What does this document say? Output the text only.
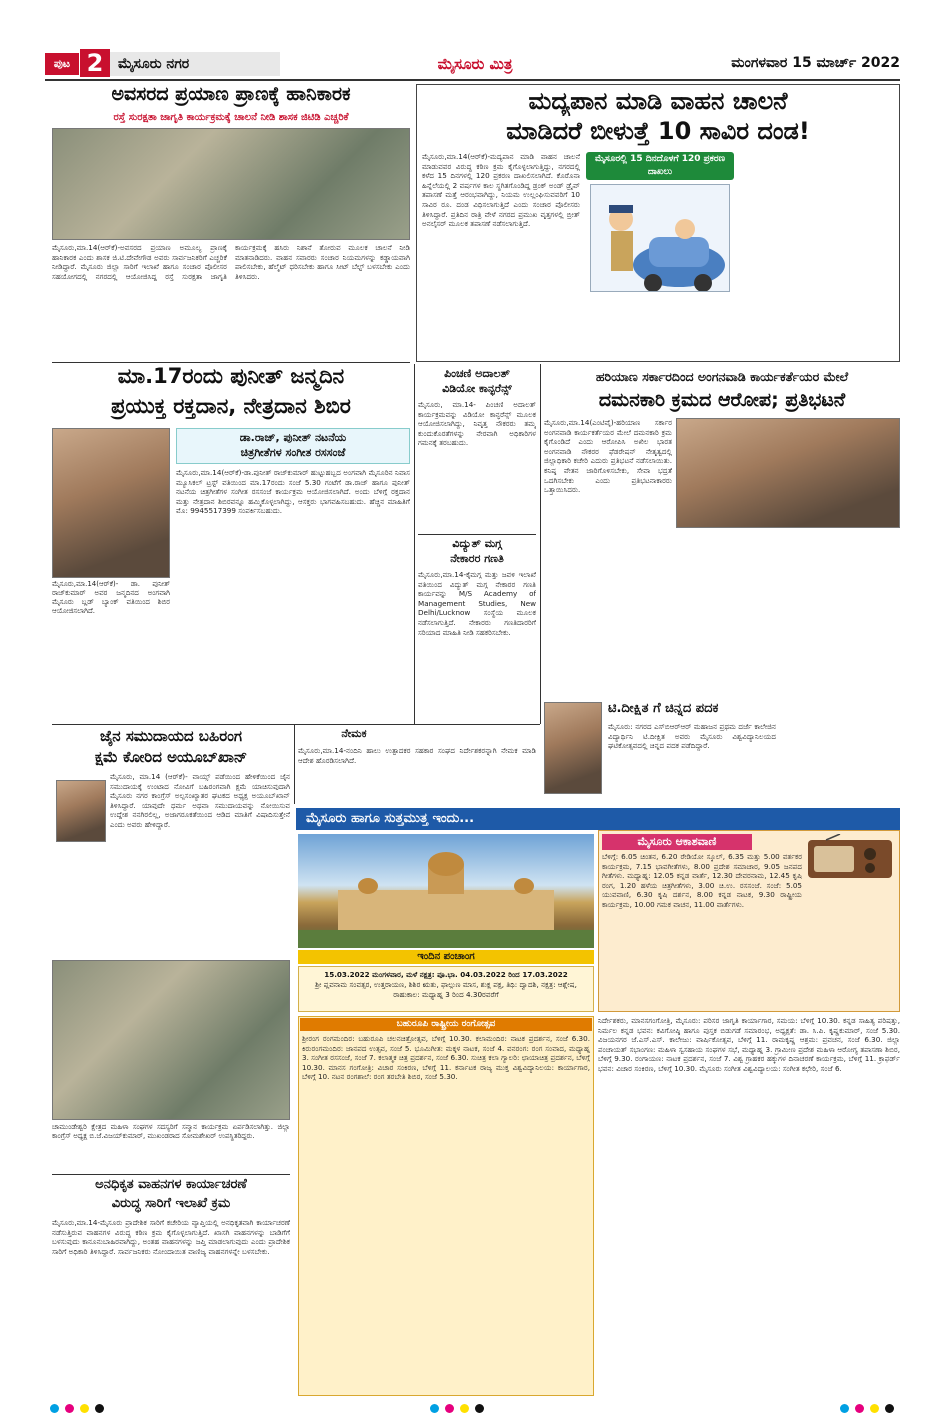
ಪುಟ 2	ಮೈಸೂರು ನಗರ	ಮೈಸೂರು ಮಿತ್ರ	ಮಂಗಳವಾರ 15 ಮಾರ್ಚ್ 2022
ಅವಸರದ ಪ್ರಯಾಣ ಪ್ರಾಣಕ್ಕೆ ಹಾನಿಕಾರಕ
ರಸ್ತೆ ಸುರಕ್ಷತಾ ಜಾಗೃತಿ ಕಾರ್ಯಕ್ರಮಕ್ಕೆ ಚಾಲನೆ ನೀಡಿ ಶಾಸಕ ಜಿಟಿಡಿ ಎಚ್ಚರಿಕೆ
ಮೈಸೂರು,ಮಾ.14(ಆರ್‌ಕೆ)-ಅವಸರದ ಪ್ರಯಾಣ ಅಮೂಲ್ಯ ಪ್ರಾಣಕ್ಕೆ ಹಾನಿಕಾರಕ ಎಂದು ಶಾಸಕ ಜಿ.ಟಿ.ದೇವೇಗೌಡ ಅವರು ಸಾರ್ವಜನಿಕರಿಗೆ ಎಚ್ಚರಿಕೆ ನೀಡಿದ್ದಾರೆ. ಮೈಸೂರು ಜಿಲ್ಲಾ ಸಾರಿಗೆ ಇಲಾಖೆ ಹಾಗೂ ಸಂಚಾರ ಪೊಲೀಸರ ಸಹಯೋಗದಲ್ಲಿ ನಗರದಲ್ಲಿ ಆಯೋಜಿಸಿದ್ದ ರಸ್ತೆ ಸುರಕ್ಷತಾ ಜಾಗೃತಿ ಕಾರ್ಯಕ್ರಮಕ್ಕೆ ಹಸಿರು ನಿಶಾನೆ ತೋರುವ ಮೂಲಕ ಚಾಲನೆ ನೀಡಿ ಮಾತನಾಡಿದರು. ವಾಹನ ಸವಾರರು ಸಂಚಾರ ನಿಯಮಗಳನ್ನು ಕಡ್ಡಾಯವಾಗಿ ಪಾಲಿಸಬೇಕು, ಹೆಲ್ಮೆಟ್ ಧರಿಸಬೇಕು ಹಾಗೂ ಸೀಟ್ ಬೆಲ್ಟ್ ಬಳಸಬೇಕು ಎಂದು ತಿಳಿಸಿದರು.
ಮದ್ಯಪಾನ ಮಾಡಿ ವಾಹನ ಚಾಲನೆ
ಮಾಡಿದರೆ ಬೀಳುತ್ತೆ 10 ಸಾವಿರ ದಂಡ!
ಮೈಸೂರು,ಮಾ.14(ಆರ್‌ಕೆ)-ಮದ್ಯಪಾನ ಮಾಡಿ ವಾಹನ ಚಾಲನೆ ಮಾಡುವವರ ವಿರುದ್ಧ ಕಠಿಣ ಕ್ರಮ ಕೈಗೊಳ್ಳಲಾಗುತ್ತಿದ್ದು, ನಗರದಲ್ಲಿ ಕಳೆದ 15 ದಿನಗಳಲ್ಲಿ 120 ಪ್ರಕರಣ ದಾಖಲಿಸಲಾಗಿದೆ. ಕೊರೊನಾ ಹಿನ್ನೆಲೆಯಲ್ಲಿ 2 ವರ್ಷಗಳ ಕಾಲ ಸ್ಥಗಿತಗೊಂಡಿದ್ದ ಡ್ರಂಕ್ ಅಂಡ್ ಡ್ರೈವ್ ತಪಾಸಣೆ ಮತ್ತೆ ಆರಂಭವಾಗಿದ್ದು, ನಿಯಮ ಉಲ್ಲಂಘಿಸುವವರಿಗೆ 10 ಸಾವಿರ ರೂ. ದಂಡ ವಿಧಿಸಲಾಗುತ್ತಿದೆ ಎಂದು ಸಂಚಾರ ಪೊಲೀಸರು ತಿಳಿಸಿದ್ದಾರೆ. ಪ್ರತಿದಿನ ರಾತ್ರಿ ವೇಳೆ ನಗರದ ಪ್ರಮುಖ ವೃತ್ತಗಳಲ್ಲಿ ಬ್ರೀತ್ ಅನಲೈಸರ್ ಮೂಲಕ ತಪಾಸಣೆ ನಡೆಸಲಾಗುತ್ತಿದೆ.
ಮೈಸೂರಲ್ಲಿ 15 ದಿನದೊಳಗೆ 120 ಪ್ರಕರಣ ದಾಖಲು
ಮಾ.17ರಂದು ಪುನೀತ್ ಜನ್ಮದಿನ
ಪ್ರಯುಕ್ತ ರಕ್ತದಾನ, ನೇತ್ರದಾನ ಶಿಬಿರ
ಮೈಸೂರು,ಮಾ.14(ಆರ್‌ಕೆ)- ಡಾ. ಪುನೀತ್ ರಾಜ್‌ಕುಮಾರ್ ಅವರ ಜನ್ಮದಿನದ ಅಂಗವಾಗಿ ಮೈಸೂರು ಬ್ಲಡ್ ಬ್ಯಾಂಕ್ ವತಿಯಿಂದ ಶಿಬಿರ ಆಯೋಜಿಸಲಾಗಿದೆ.
ಡಾ.ರಾಜ್, ಪುನೀತ್ ನಟನೆಯ
ಚಿತ್ರಗೀತೆಗಳ ಸಂಗೀತ ರಸಸಂಜೆ
ಮೈಸೂರು,ಮಾ.14(ಆರ್‌ಕೆ)-ಡಾ.ಪುನೀತ್ ರಾಜ್‌ಕುಮಾರ್ ಹುಟ್ಟುಹಬ್ಬದ ಅಂಗವಾಗಿ ಮೈಸೂರಿನ ನಿವಾಸ ಮ್ಯೂಸಿಕಲ್ ಟ್ರಸ್ಟ್ ವತಿಯಿಂದ ಮಾ.17ರಂದು ಸಂಜೆ 5.30 ಗಂಟೆಗೆ ಡಾ.ರಾಜ್ ಹಾಗೂ ಪುನೀತ್ ನಟನೆಯ ಚಿತ್ರಗೀತೆಗಳ ಸಂಗೀತ ರಸಸಂಜೆ ಕಾರ್ಯಕ್ರಮ ಆಯೋಜಿಸಲಾಗಿದೆ. ಅಂದು ಬೆಳಿಗ್ಗೆ ರಕ್ತದಾನ ಮತ್ತು ನೇತ್ರದಾನ ಶಿಬಿರವನ್ನೂ ಹಮ್ಮಿಕೊಳ್ಳಲಾಗಿದ್ದು, ಆಸಕ್ತರು ಭಾಗವಹಿಸಬಹುದು. ಹೆಚ್ಚಿನ ಮಾಹಿತಿಗೆ ಮೊ: 9945517399 ಸಂಪರ್ಕಿಸಬಹುದು.
ಪಿಂಚಣಿ ಅದಾಲತ್
ವಿಡಿಯೋ ಕಾನ್ಫರೆನ್ಸ್
ಮೈಸೂರು, ಮಾ.14- ಪಿಂಚಣಿ ಅದಾಲತ್ ಕಾರ್ಯಕ್ರಮವನ್ನು ವಿಡಿಯೋ ಕಾನ್ಫರೆನ್ಸ್ ಮೂಲಕ ಆಯೋಜಿಸಲಾಗಿದ್ದು, ನಿವೃತ್ತ ನೌಕರರು ತಮ್ಮ ಕುಂದುಕೊರತೆಗಳನ್ನು ನೇರವಾಗಿ ಅಧಿಕಾರಿಗಳ ಗಮನಕ್ಕೆ ತರಬಹುದು.
ವಿದ್ಯುತ್ ಮಗ್ಗ
ನೇಕಾರರ ಗಣತಿ
ಮೈಸೂರು,ಮಾ.14-ಕೈಮಗ್ಗ ಮತ್ತು ಜವಳಿ ಇಲಾಖೆ ವತಿಯಿಂದ ವಿದ್ಯುತ್ ಮಗ್ಗ ನೇಕಾರರ ಗಣತಿ ಕಾರ್ಯವನ್ನು M/S Academy of Management Studies, New Delhi/Lucknow ಸಂಸ್ಥೆಯ ಮೂಲಕ ನಡೆಸಲಾಗುತ್ತಿದೆ. ನೇಕಾರರು ಗಣತಿದಾರರಿಗೆ ಸರಿಯಾದ ಮಾಹಿತಿ ನೀಡಿ ಸಹಕರಿಸಬೇಕು.
ಹರಿಯಾಣ ಸರ್ಕಾರದಿಂದ ಅಂಗನವಾಡಿ ಕಾರ್ಯಕರ್ತೆಯರ ಮೇಲೆ
ದಮನಕಾರಿ ಕ್ರಮದ ಆರೋಪ; ಪ್ರತಿಭಟನೆ
ಮೈಸೂರು,ಮಾ.14(ಎಂಟಿವೈ)-ಹರಿಯಾಣ ಸರ್ಕಾರ ಅಂಗನವಾಡಿ ಕಾರ್ಯಕರ್ತೆಯರ ಮೇಲೆ ದಮನಕಾರಿ ಕ್ರಮ ಕೈಗೊಂಡಿದೆ ಎಂದು ಆರೋಪಿಸಿ ಅಖಿಲ ಭಾರತ ಅಂಗನವಾಡಿ ನೌಕರರ ಫೆಡರೇಷನ್ ನೇತೃತ್ವದಲ್ಲಿ ಜಿಲ್ಲಾಧಿಕಾರಿ ಕಚೇರಿ ಎದುರು ಪ್ರತಿಭಟನೆ ನಡೆಸಲಾಯಿತು. ಕನಿಷ್ಠ ವೇತನ ಜಾರಿಗೊಳಿಸಬೇಕು, ಸೇವಾ ಭದ್ರತೆ ಒದಗಿಸಬೇಕು ಎಂದು ಪ್ರತಿಭಟನಾಕಾರರು ಒತ್ತಾಯಿಸಿದರು.
ಟಿ.ದೀಕ್ಷಿತ ಗೆ ಚಿನ್ನದ ಪದಕ
ಮೈಸೂರು: ನಗರದ ಎಸ್‌ಬಿಆರ್‌ಆರ್ ಮಹಾಜನ ಪ್ರಥಮ ದರ್ಜೆ ಕಾಲೇಜಿನ ವಿದ್ಯಾರ್ಥಿನಿ ಟಿ.ದೀಕ್ಷಿತ ಅವರು ಮೈಸೂರು ವಿಶ್ವವಿದ್ಯಾನಿಲಯದ ಘಟಿಕೋತ್ಸವದಲ್ಲಿ ಚಿನ್ನದ ಪದಕ ಪಡೆದಿದ್ದಾರೆ.
ಜೈನ ಸಮುದಾಯದ ಬಹಿರಂಗ
ಕ್ಷಮೆ ಕೋರಿದ ಅಯೂಬ್‌ಖಾನ್
ಮೈಸೂರು, ಮಾ.14 (ಆರ್‌ಕೆ)- ವಾಯ್ಸ್ ಪಡೆಯಿಂದ ಹೇಳಿಕೆಯಿಂದ ಜೈನ ಸಮುದಾಯಕ್ಕೆ ಉಂಟಾದ ನೋವಿಗೆ ಬಹಿರಂಗವಾಗಿ ಕ್ಷಮೆ ಯಾಚಿಸುವುದಾಗಿ ಮೈಸೂರು ನಗರ ಕಾಂಗ್ರೆಸ್ ಅಲ್ಪಸಂಖ್ಯಾತರ ಘಟಕದ ಅಧ್ಯಕ್ಷ ಅಯೂಬ್‌ಖಾನ್ ತಿಳಿಸಿದ್ದಾರೆ. ಯಾವುದೇ ಧರ್ಮ ಅಥವಾ ಸಮುದಾಯವನ್ನು ನೋಯಿಸುವ ಉದ್ದೇಶ ನನಗಿರಲಿಲ್ಲ, ಅಜಾಗರೂಕತೆಯಿಂದ ಆಡಿದ ಮಾತಿಗೆ ವಿಷಾದಿಸುತ್ತೇನೆ ಎಂದು ಅವರು ಹೇಳಿದ್ದಾರೆ.
ನೇಮಕ
ಮೈಸೂರು,ಮಾ.14-ನಂದಿನಿ ಹಾಲು ಉತ್ಪಾದಕರ ಸಹಕಾರ ಸಂಘದ ನಿರ್ದೇಶಕರನ್ನಾಗಿ ನೇಮಕ ಮಾಡಿ ಆದೇಶ ಹೊರಡಿಸಲಾಗಿದೆ.
ಚಾಮುಂಡೇಶ್ವರಿ ಕ್ಷೇತ್ರದ ಮಹಿಳಾ ಸಂಘಗಳ ಸದಸ್ಯರಿಗೆ ಸನ್ಮಾನ ಕಾರ್ಯಕ್ರಮ ಏರ್ಪಡಿಸಲಾಗಿತ್ತು. ಜಿಲ್ಲಾ ಕಾಂಗ್ರೆಸ್ ಅಧ್ಯಕ್ಷ ಬಿ.ಜೆ.ವಿಜಯ್‌ಕುಮಾರ್, ಮುಖಂಡರಾದ ಸೋಮಶೇಖರ್ ಉಪಸ್ಥಿತರಿದ್ದರು.
ಅನಧಿಕೃತ ವಾಹನಗಳ ಕಾರ್ಯಾಚರಣೆ
ವಿರುದ್ಧ ಸಾರಿಗೆ ಇಲಾಖೆ ಕ್ರಮ
ಮೈಸೂರು,ಮಾ.14-ಮೈಸೂರು ಪ್ರಾದೇಶಿಕ ಸಾರಿಗೆ ಕಚೇರಿಯ ವ್ಯಾಪ್ತಿಯಲ್ಲಿ ಅನಧಿಕೃತವಾಗಿ ಕಾರ್ಯಾಚರಣೆ ನಡೆಸುತ್ತಿರುವ ವಾಹನಗಳ ವಿರುದ್ಧ ಕಠಿಣ ಕ್ರಮ ಕೈಗೊಳ್ಳಲಾಗುತ್ತಿದೆ. ಖಾಸಗಿ ವಾಹನಗಳನ್ನು ಬಾಡಿಗೆಗೆ ಬಳಸುವುದು ಕಾನೂನುಬಾಹಿರವಾಗಿದ್ದು, ಅಂತಹ ವಾಹನಗಳನ್ನು ಜಪ್ತಿ ಮಾಡಲಾಗುವುದು ಎಂದು ಪ್ರಾದೇಶಿಕ ಸಾರಿಗೆ ಅಧಿಕಾರಿ ತಿಳಿಸಿದ್ದಾರೆ. ಸಾರ್ವಜನಿಕರು ನೋಂದಾಯಿತ ವಾಣಿಜ್ಯ ವಾಹನಗಳನ್ನೇ ಬಳಸಬೇಕು.
ಮೈಸೂರು ಹಾಗೂ ಸುತ್ತಮುತ್ತ ಇಂದು...
ಇಂದಿನ ಪಂಚಾಂಗ
15.03.2022 ಮಂಗಳವಾರ, ಮಳೆ ನಕ್ಷತ್ರ: ಪೂ.ಭಾ. 04.03.2022 ರಿಂದ 17.03.2022
ಶ್ರೀ ಪ್ಲವನಾಮ ಸಂವತ್ಸರ, ಉತ್ತರಾಯಣ, ಶಿಶಿರ ಋತು, ಫಾಲ್ಗುಣ ಮಾಸ, ಶುಕ್ಲ ಪಕ್ಷ, ತಿಥಿ: ದ್ವಾದಶಿ, ನಕ್ಷತ್ರ: ಆಶ್ಲೇಷ, ರಾಹುಕಾಲ: ಮಧ್ಯಾಹ್ನ 3 ರಿಂದ 4.30ರವರೆಗೆ
ಮೈಸೂರು ಆಕಾಶವಾಣಿ
ಬೆಳಿಗ್ಗೆ: 6.05 ಚಿಂತನ, 6.20 ರೇಡಿಯೋ ಸ್ಕೂಲ್, 6.35 ಮತ್ತು 5.00 ವರ್ತಕರ ಕಾರ್ಯಕ್ರಮ, 7.15 ಭಾವಗೀತೆಗಳು, 8.00 ಪ್ರದೇಶ ಸಮಾಚಾರ, 9.05 ಜನಪದ ಗೀತೆಗಳು. ಮಧ್ಯಾಹ್ನ: 12.05 ಕನ್ನಡ ವಾರ್ತೆ, 12.30 ದೇವರನಾಮ, 12.45 ಕೃಷಿ ರಂಗ, 1.20 ಹಳೆಯ ಚಿತ್ರಗೀತೆಗಳು, 3.00 ಚಿ.ಉ. ರಸಸಂಜೆ. ಸಂಜೆ: 5.05 ಯುವವಾಣಿ, 6.30 ಕೃಷಿ ದರ್ಶನ, 8.00 ಕನ್ನಡ ನಾಟಕ, 9.30 ರಾಷ್ಟ್ರೀಯ ಕಾರ್ಯಕ್ರಮ, 10.00 ಗಮಕ ವಾಚನ, 11.00 ವಾರ್ತೆಗಳು.
ಬಹುರೂಪಿ ರಾಷ್ಟ್ರೀಯ ರಂಗೋತ್ಸವ
ಶ್ರೀರಂಗ ರಂಗಮಂದಿರ: ಬಹುರೂಪಿ ಚಲನಚಿತ್ರೋತ್ಸವ, ಬೆಳಿಗ್ಗೆ 10.30. ಕಲಾಮಂದಿರ: ನಾಟಕ ಪ್ರದರ್ಶನ, ಸಂಜೆ 6.30. ಕಿರುರಂಗಮಂದಿರ: ಜಾನಪದ ಉತ್ಸವ, ಸಂಜೆ 5. ಭೂಮಿಗೀತ: ಮಕ್ಕಳ ನಾಟಕ, ಸಂಜೆ 4. ವನರಂಗ: ರಂಗ ಸಂವಾದ, ಮಧ್ಯಾಹ್ನ 3. ಸಂಗೀತ ರಸಸಂಜೆ, ಸಂಜೆ 7. ಕಲಾತ್ಮಕ ಚಿತ್ರ ಪ್ರದರ್ಶನ, ಸಂಜೆ 6.30. ಸುಚಿತ್ರ ಕಲಾ ಗ್ಯಾಲರಿ: ಛಾಯಾಚಿತ್ರ ಪ್ರದರ್ಶನ, ಬೆಳಿಗ್ಗೆ 10.30. ಮಾನಸ ಗಂಗೋತ್ರಿ: ವಿಚಾರ ಸಂಕಿರಣ, ಬೆಳಿಗ್ಗೆ 11. ಕರ್ನಾಟಕ ರಾಜ್ಯ ಮುಕ್ತ ವಿಶ್ವವಿದ್ಯಾನಿಲಯ: ಕಾರ್ಯಾಗಾರ, ಬೆಳಿಗ್ಗೆ 10. ನಟನ ರಂಗಶಾಲೆ: ರಂಗ ತರಬೇತಿ ಶಿಬಿರ, ಸಂಜೆ 5.30.
ನಿರ್ದೇಶಕರು, ಮಾನಸಗಂಗೋತ್ರಿ, ಮೈಸೂರು: ಪರಿಸರ ಜಾಗೃತಿ ಕಾರ್ಯಾಗಾರ, ಸಮಯ: ಬೆಳಿಗ್ಗೆ 10.30. ಕನ್ನಡ ಸಾಹಿತ್ಯ ಪರಿಷತ್ತು, ನಿರ್ಮಲ ಕನ್ನಡ ಭವನ: ಕವಿಗೋಷ್ಠಿ ಹಾಗೂ ಪುಸ್ತಕ ಬಿಡುಗಡೆ ಸಮಾರಂಭ, ಅಧ್ಯಕ್ಷತೆ: ಡಾ. ಸಿ.ಪಿ. ಕೃಷ್ಣಕುಮಾರ್, ಸಂಜೆ 5.30. ವಿಜಯನಗರ ಜೆ.ಎಸ್.ಎಸ್. ಕಾಲೇಜು: ವಾರ್ಷಿಕೋತ್ಸವ, ಬೆಳಿಗ್ಗೆ 11. ರಾಮಕೃಷ್ಣ ಆಶ್ರಮ: ಪ್ರವಚನ, ಸಂಜೆ 6.30. ಜಿಲ್ಲಾ ಪಂಚಾಯತ್ ಸಭಾಂಗಣ: ಮಹಿಳಾ ಸ್ವಸಹಾಯ ಸಂಘಗಳ ಸಭೆ, ಮಧ್ಯಾಹ್ನ 3. ಗ್ರಾಮೀಣ ಪ್ರದೇಶ ಮಹಿಳಾ ಆರೋಗ್ಯ ತಪಾಸಣಾ ಶಿಬಿರ, ಬೆಳಿಗ್ಗೆ 9.30. ರಂಗಾಯಣ: ನಾಟಕ ಪ್ರದರ್ಶನ, ಸಂಜೆ 7. ವಿಶ್ವ ಗ್ರಾಹಕರ ಹಕ್ಕುಗಳ ದಿನಾಚರಣೆ ಕಾರ್ಯಕ್ರಮ, ಬೆಳಿಗ್ಗೆ 11. ಕ್ರಾಫರ್ಡ್ ಭವನ: ವಿಚಾರ ಸಂಕಿರಣ, ಬೆಳಿಗ್ಗೆ 10.30. ಮೈಸೂರು ಸಂಗೀತ ವಿಶ್ವವಿದ್ಯಾಲಯ: ಸಂಗೀತ ಕಛೇರಿ, ಸಂಜೆ 6.
